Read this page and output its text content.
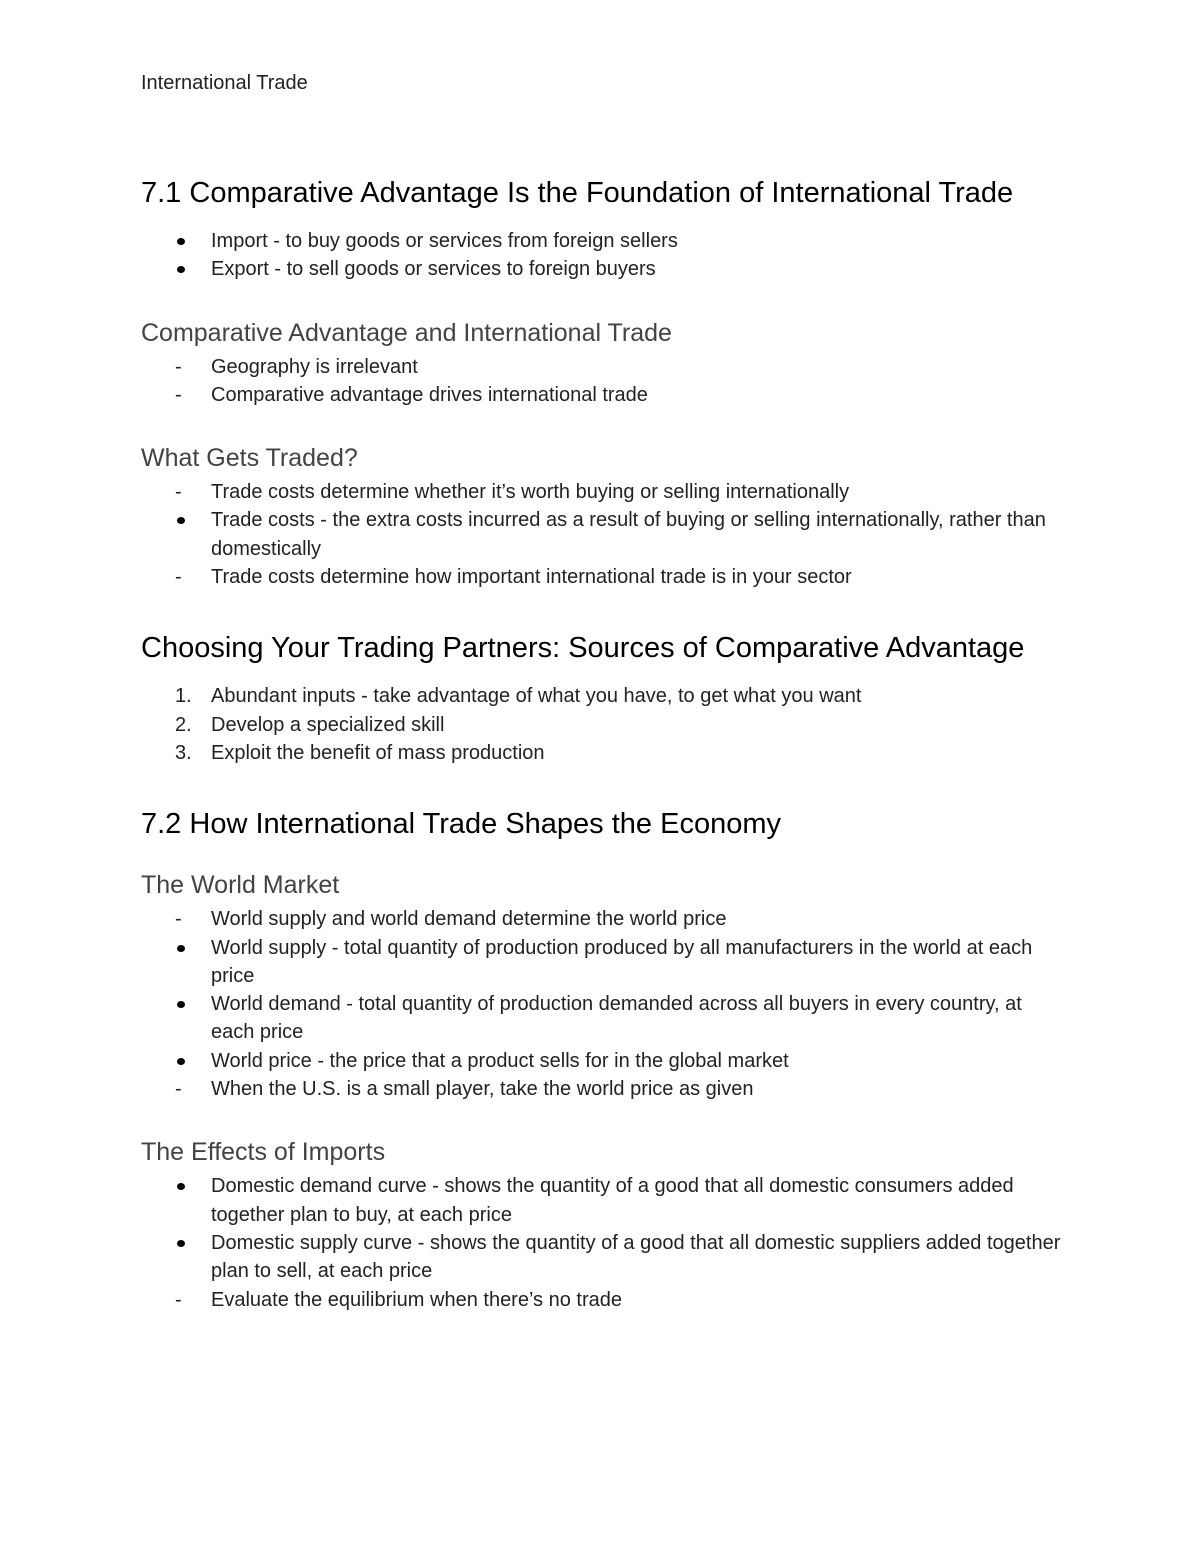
International Trade
7.1 Comparative Advantage Is the Foundation of International Trade
Import - to buy goods or services from foreign sellers
Export - to sell goods or services to foreign buyers
Comparative Advantage and International Trade
- Geography is irrelevant
- Comparative advantage drives international trade
What Gets Traded?
- Trade costs determine whether it’s worth buying or selling internationally
Trade costs - the extra costs incurred as a result of buying or selling internationally, rather than domestically
- Trade costs determine how important international trade is in your sector
Choosing Your Trading Partners: Sources of Comparative Advantage
1. Abundant inputs - take advantage of what you have, to get what you want
2. Develop a specialized skill
3. Exploit the benefit of mass production
7.2 How International Trade Shapes the Economy
The World Market
- World supply and world demand determine the world price
World supply - total quantity of production produced by all manufacturers in the world at each price
World demand - total quantity of production demanded across all buyers in every country, at each price
World price - the price that a product sells for in the global market
- When the U.S. is a small player, take the world price as given
The Effects of Imports
Domestic demand curve - shows the quantity of a good that all domestic consumers added together plan to buy, at each price
Domestic supply curve - shows the quantity of a good that all domestic suppliers added together plan to sell, at each price
- Evaluate the equilibrium when there’s no trade
